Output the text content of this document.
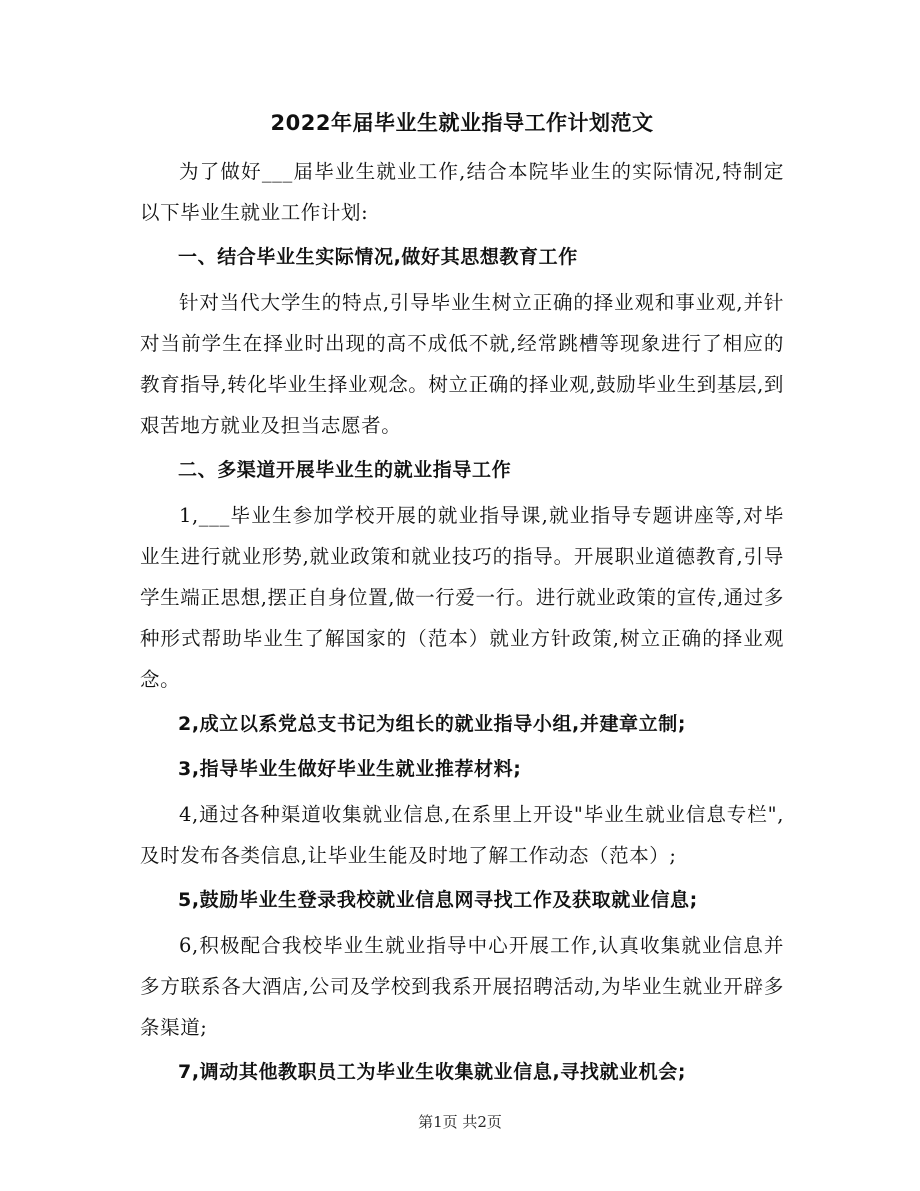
2022年届毕业生就业指导工作计划范文

为了做好___届毕业生就业工作,结合本院毕业生的实际情况,特制定以下毕业生就业工作计划:

一、结合毕业生实际情况,做好其思想教育工作

针对当代大学生的特点,引导毕业生树立正确的择业观和事业观,并针对当前学生在择业时出现的高不成低不就,经常跳槽等现象进行了相应的教育指导,转化毕业生择业观念。树立正确的择业观,鼓励毕业生到基层,到艰苦地方就业及担当志愿者。

二、多渠道开展毕业生的就业指导工作

1,___毕业生参加学校开展的就业指导课,就业指导专题讲座等,对毕业生进行就业形势,就业政策和就业技巧的指导。开展职业道德教育,引导学生端正思想,摆正自身位置,做一行爱一行。进行就业政策的宣传,通过多种形式帮助毕业生了解国家的（范本）就业方针政策,树立正确的择业观念。

2,成立以系党总支书记为组长的就业指导小组,并建章立制;

3,指导毕业生做好毕业生就业推荐材料;

4,通过各种渠道收集就业信息,在系里上开设"毕业生就业信息专栏",及时发布各类信息,让毕业生能及时地了解工作动态（范本）;

5,鼓励毕业生登录我校就业信息网寻找工作及获取就业信息;

6,积极配合我校毕业生就业指导中心开展工作,认真收集就业信息并多方联系各大酒店,公司及学校到我系开展招聘活动,为毕业生就业开辟多条渠道;

7,调动其他教职员工为毕业生收集就业信息,寻找就业机会;

第1页 共2页
